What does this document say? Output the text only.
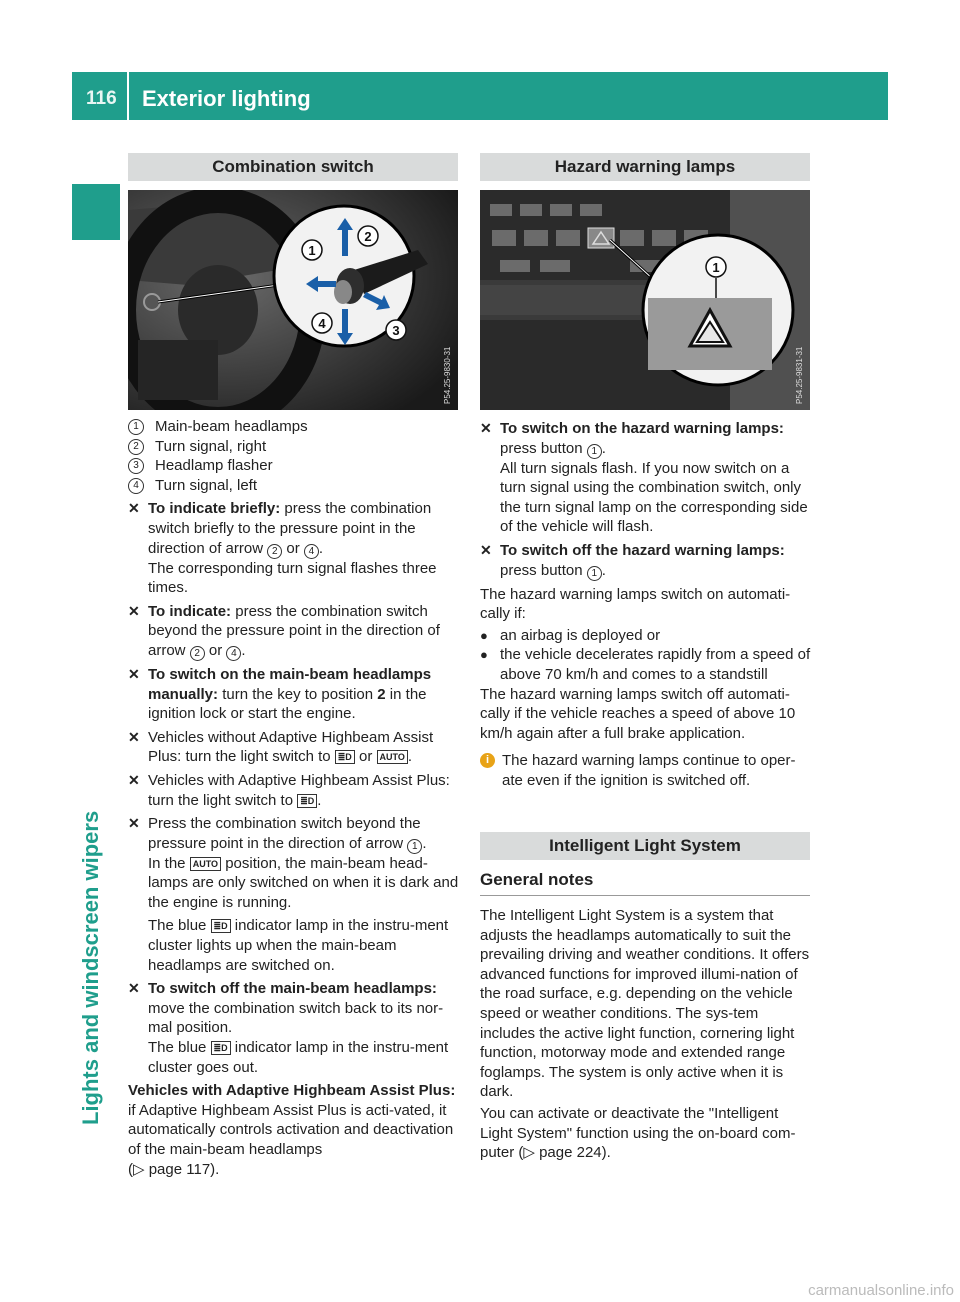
116 Exterior lighting
Lights and windscreen wipers
Combination switch
1
2
3
4
P54.25-9830-31
1	Main-beam headlamps
2	Turn signal, right
3	Headlamp flasher
4	Turn signal, left
✕ To indicate briefly: press the combination switch briefly to the pressure point in the direction of arrow 2 or 4 .
The corresponding turn signal flashes three times.
✕ To indicate: press the combination switch beyond the pressure point in the direction of arrow 2 or 4 .
✕ To switch on the main-beam headlamps manually: turn the key to position 2 in the ignition lock or start the engine.
✕ Vehicles without Adaptive Highbeam Assist Plus: turn the light switch to ≣D or AUTO .
✕ Vehicles with Adaptive Highbeam Assist Plus: turn the light switch to ≣D .
✕ Press the combination switch beyond the pressure point in the direction of arrow 1 .
In the AUTO position, the main-beam head-lamps are only switched on when it is dark and the engine is running.

The blue ≣D indicator lamp in the instru-ment cluster lights up when the main-beam headlamps are switched on.
✕ To switch off the main-beam headlamps: move the combination switch back to its nor-mal position.
The blue ≣D indicator lamp in the instru-ment cluster goes out.

Vehicles with Adaptive Highbeam Assist Plus: if Adaptive Highbeam Assist Plus is acti-vated, it automatically controls activation and deactivation of the main-beam headlamps
(▷ page 117).

Hazard warning lamps
1
P54.25-9831-31
✕ To switch on the hazard warning lamps:
press button 1 .
All turn signals flash. If you now switch on a turn signal using the combination switch, only the turn signal lamp on the corresponding side of the vehicle will flash.
✕ To switch off the hazard warning lamps:
press button 1 .

The hazard warning lamps switch on automati-cally if:

● an airbag is deployed or
● the vehicle decelerates rapidly from a speed of above 70 km/h and comes to a standstill

The hazard warning lamps switch off automati-cally if the vehicle reaches a speed of above 10 km/h again after a full brake application.

i The hazard warning lamps continue to oper-ate even if the ignition is switched off.
Intelligent Light System
General notes

The Intelligent Light System is a system that adjusts the headlamps automatically to suit the prevailing driving and weather conditions. It offers advanced functions for improved illumi-nation of the road surface, e.g. depending on the vehicle speed or weather conditions. The sys-tem includes the active light function, cornering light function, motorway mode and extended range foglamps. The system is only active when it is dark.

You can activate or deactivate the "Intelligent Light System" function using the on-board com-puter (▷ page 224).

carmanualsonline.info
